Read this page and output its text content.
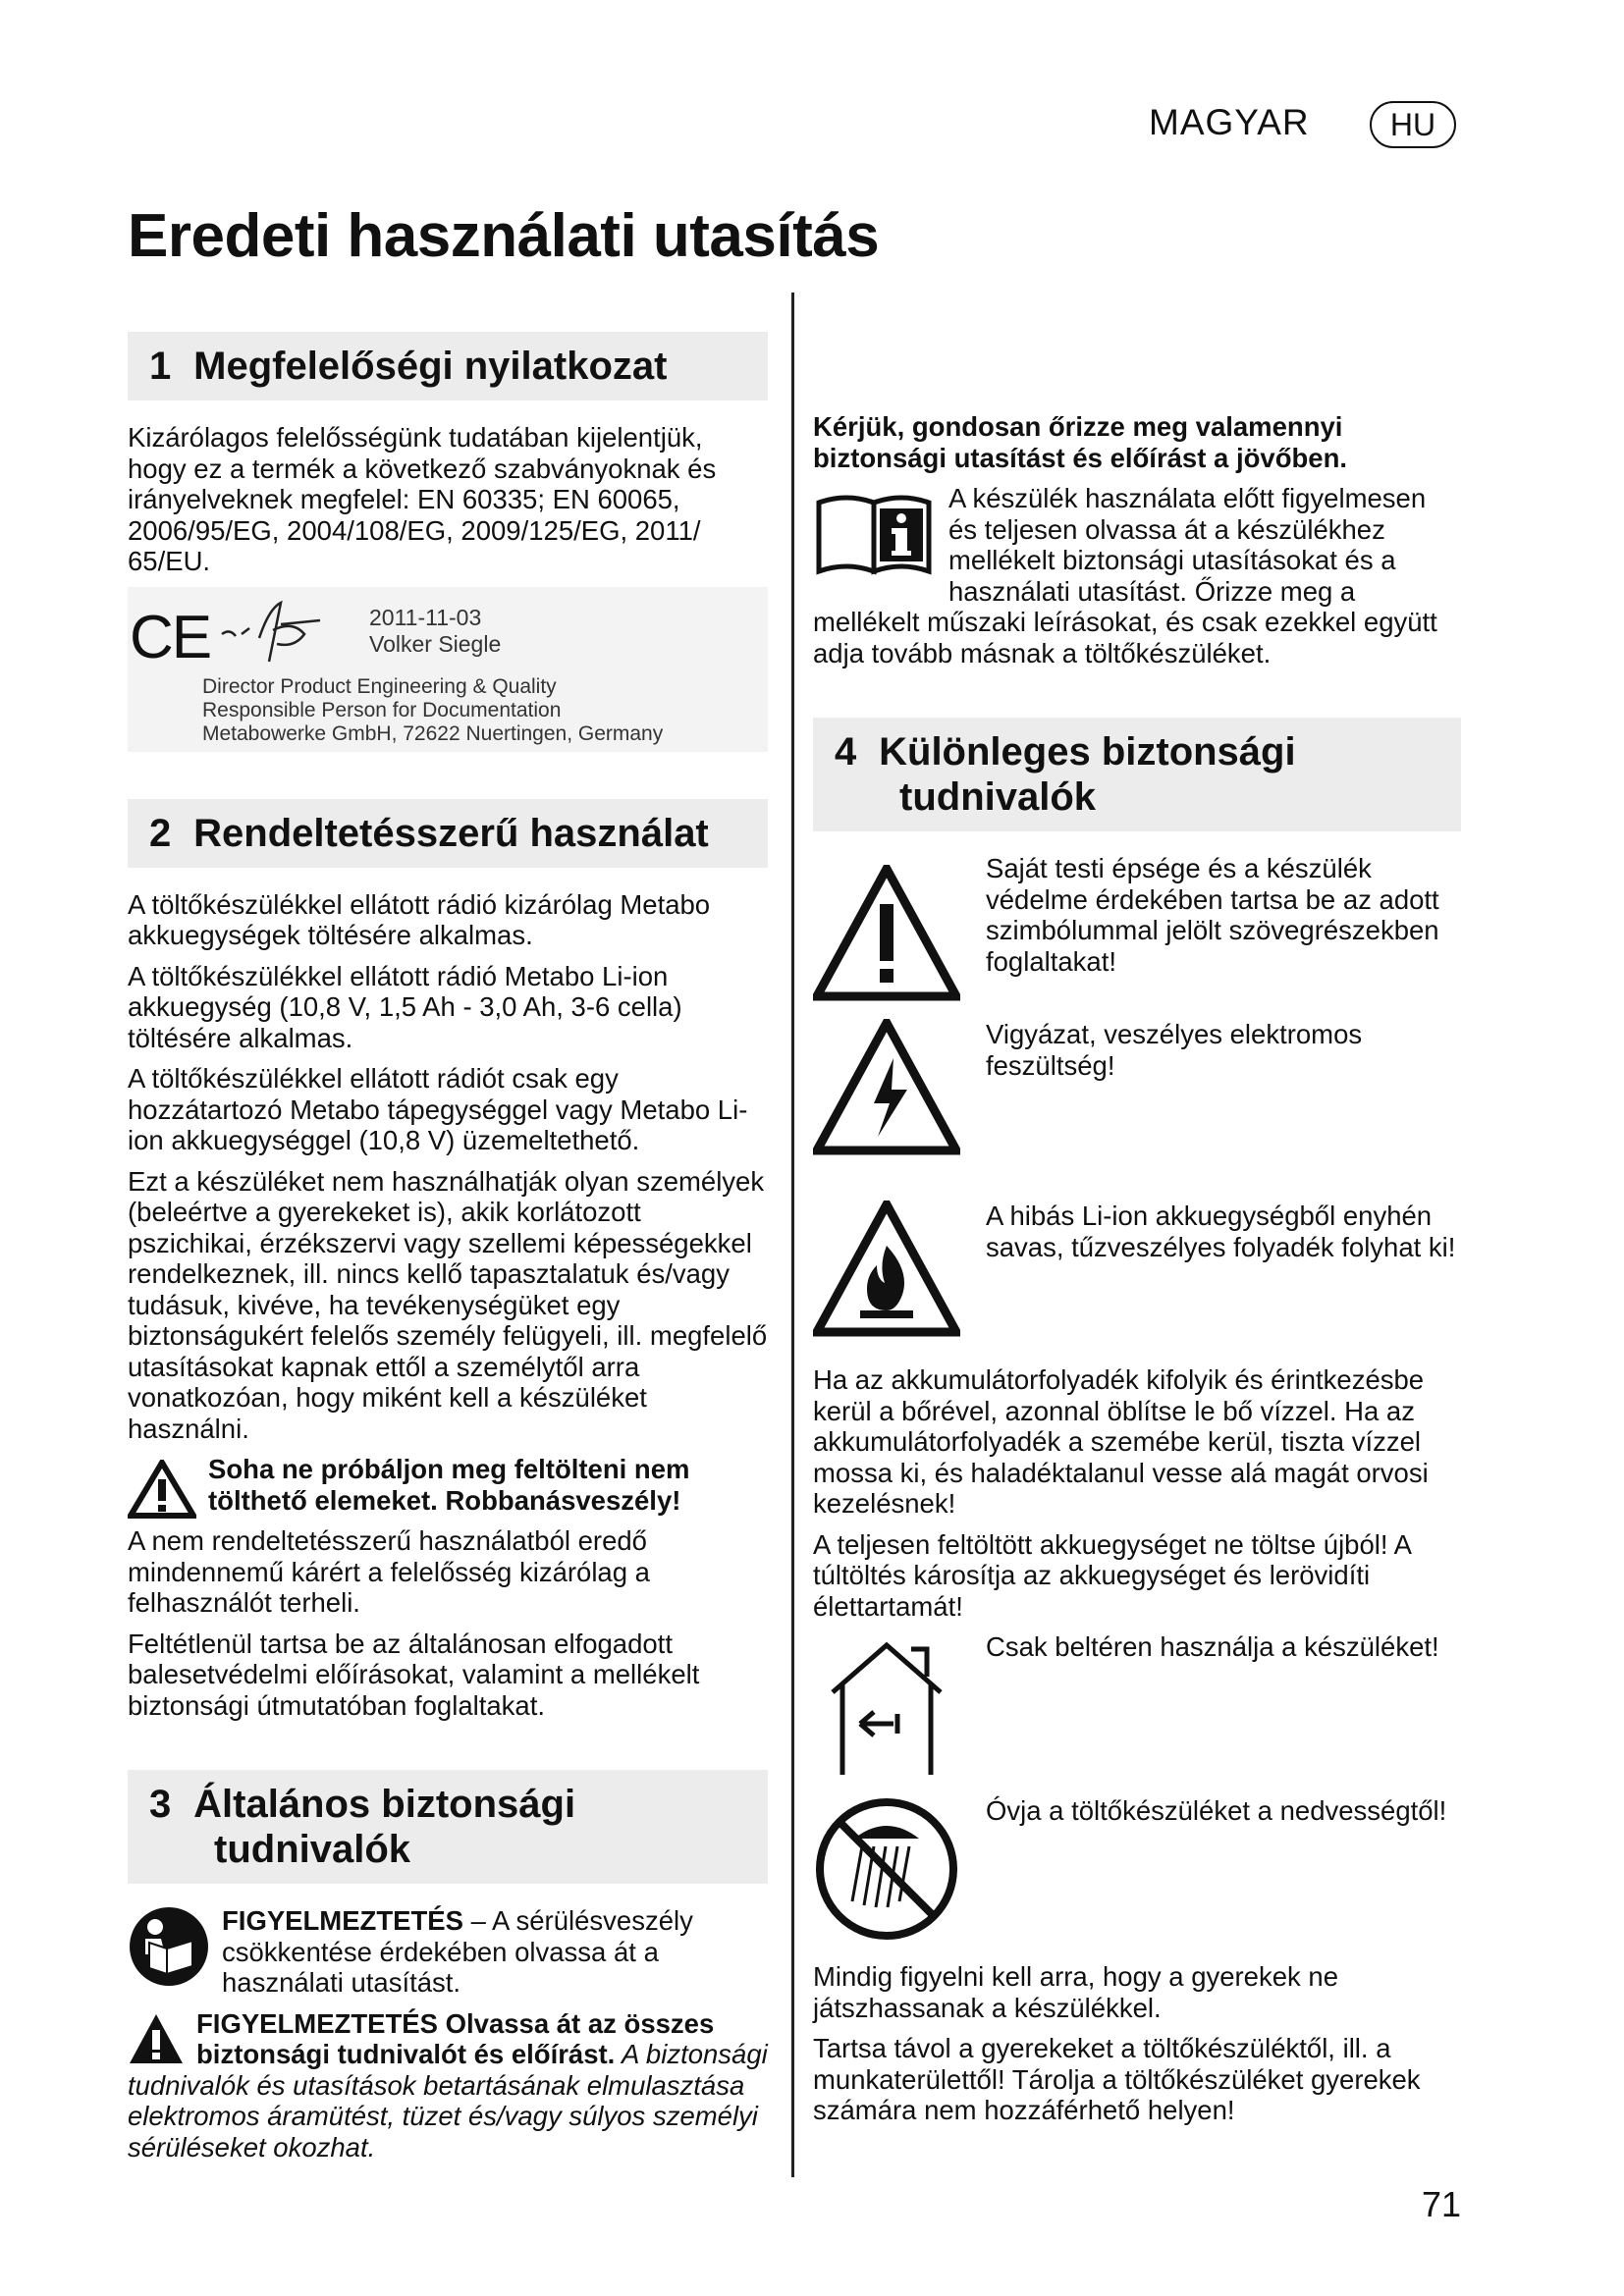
MAGYAR	HU
Eredeti használati utasítás
1 Megfelelőségi nyilatkozat

Kizárólagos felelősségünk tudatában kijelentjük, hogy ez a termék a következő szabványoknak és irányelveknek megfelel: EN 60335; EN 60065, 2006/95/EG, 2004/108/EG, 2009/125/EG, 2011/ 65/EU.

CE	2011-11-03
Volker Siegle
Director Product Engineering & Quality
Responsible Person for Documentation
Metabowerke GmbH, 72622 Nuertingen, Germany
2 Rendeltetésszerű használat

A töltőkészülékkel ellátott rádió kizárólag Metabo akkuegységek töltésére alkalmas.

A töltőkészülékkel ellátott rádió Metabo Li-ion akkuegység (10,8 V, 1,5 Ah - 3,0 Ah, 3-6 cella) töltésére alkalmas.

A töltőkészülékkel ellátott rádiót csak egy hozzátartozó Metabo tápegységgel vagy Metabo Li-ion akkuegységgel (10,8 V) üzemeltethető.

Ezt a készüléket nem használhatják olyan személyek (beleértve a gyerekeket is), akik korlátozott pszichikai, érzékszervi vagy szellemi képességekkel rendelkeznek, ill. nincs kellő tapasztalatuk és/vagy tudásuk, kivéve, ha tevékenységüket egy biztonságukért felelős személy felügyeli, ill. megfelelő utasításokat kapnak ettől a személytől arra vonatkozóan, hogy miként kell a készüléket használni.

Soha ne próbáljon meg feltölteni nem tölthető elemeket. Robbanásveszély!

A nem rendeltetésszerű használatból eredő mindennemű kárért a felelősség kizárólag a felhasználót terheli.

Feltétlenül tartsa be az általánosan elfogadott balesetvédelmi előírásokat, valamint a mellékelt biztonsági útmutatóban foglaltakat.

3 Általános biztonsági
tudnivalók

FIGYELMEZTETÉS – A sérülésveszély csökkentése érdekében olvassa át a használati utasítást.

FIGYELMEZTETÉS Olvassa át az összes biztonsági tudnivalót és előírást. A biztonsági tudnivalók és utasítások betartásának elmulasztása elektromos áramütést, tüzet és/vagy súlyos személyi sérüléseket okozhat.

Kérjük, gondosan őrizze meg valamennyi biztonsági utasítást és előírást a jövőben.

A készülék használata előtt figyelmesen és teljesen olvassa át a készülékhez mellékelt biztonsági utasításokat és a használati utasítást. Őrizze meg a mellékelt műszaki leírásokat, és csak ezekkel együtt adja tovább másnak a töltőkészüléket.

4 Különleges biztonsági
tudnivalók

Saját testi épsége és a készülék védelme érdekében tartsa be az adott szimbólummal jelölt szövegrészekben foglaltakat!

Vigyázat, veszélyes elektromos feszültség!

A hibás Li-ion akkuegységből enyhén savas, tűzveszélyes folyadék folyhat ki!

Ha az akkumulátorfolyadék kifolyik és érintkezésbe kerül a bőrével, azonnal öblítse le bő vízzel. Ha az akkumulátorfolyadék a szemébe kerül, tiszta vízzel mossa ki, és haladéktalanul vesse alá magát orvosi kezelésnek!

A teljesen feltöltött akkuegységet ne töltse újból! A túltöltés károsítja az akkuegységet és lerövidíti élettartamát!

Csak beltéren használja a készüléket!

Óvja a töltőkészüléket a nedvességtől!

Mindig figyelni kell arra, hogy a gyerekek ne játszhassanak a készülékkel.

Tartsa távol a gyerekeket a töltőkészüléktől, ill. a munkaterülettől! Tárolja a töltőkészüléket gyerekek számára nem hozzáférhető helyen!

71
